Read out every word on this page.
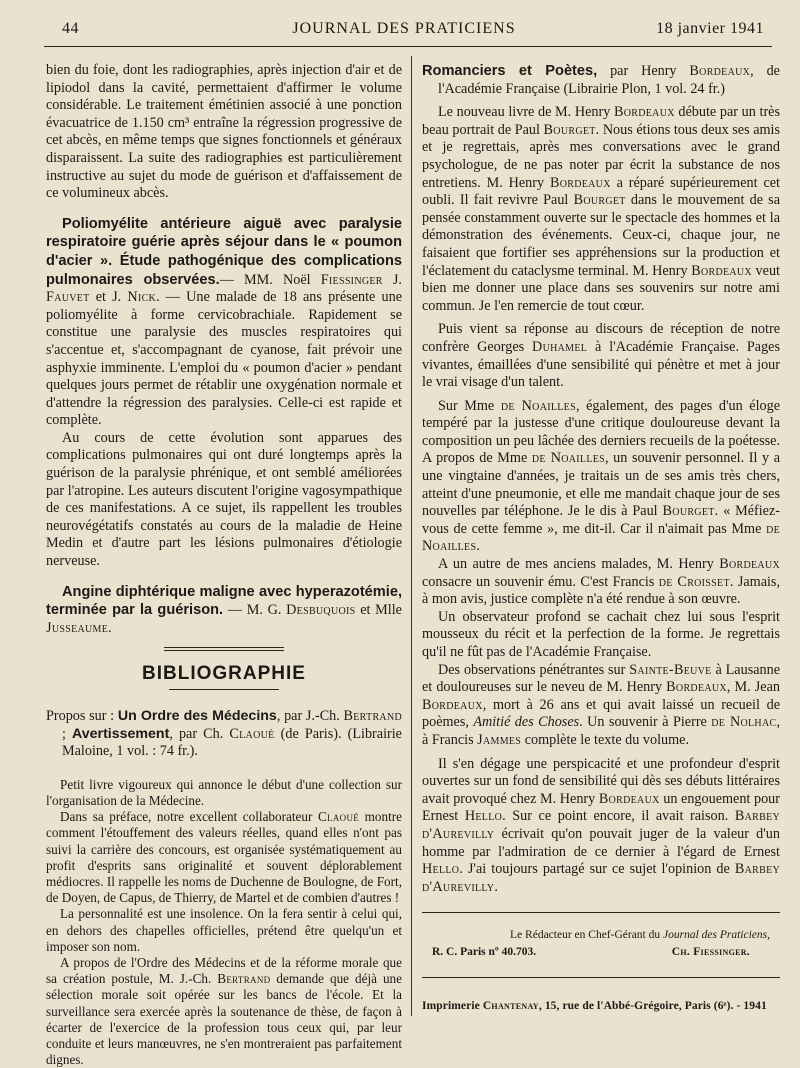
44	JOURNAL DES PRATICIENS	18 janvier 1941

bien du foie, dont les radiographies, après injection d'air et de lipiodol dans la cavité, permettaient d'affirmer le volume considérable. Le traitement émétinien associé à une ponction évacuatrice de 1.150 cm³ entraîne la régression progressive de cet abcès, en même temps que signes fonctionnels et généraux disparaissent. La suite des radiographies est particulièrement instructive au sujet du mode de guérison et d'affaissement de ce volumineux abcès.

Poliomyélite antérieure aiguë avec paralysie respiratoire guérie après séjour dans le « poumon d'acier ». Étude pathogénique des complications pulmonaires observées.— MM. Noël Fiessinger J. Fauvet et J. Nick. — Une malade de 18 ans présente une poliomyélite à forme cervicobrachiale. Rapidement se constitue une paralysie des muscles respiratoires qui s'accentue et, s'accompagnant de cyanose, fait prévoir une asphyxie imminente. L'emploi du « poumon d'acier » pendant quelques jours permet de rétablir une oxygénation normale et d'attendre la régression des paralysies. Celle-ci est rapide et complète.

Au cours de cette évolution sont apparues des complications pulmonaires qui ont duré longtemps après la guérison de la paralysie phrénique, et ont semblé améliorées par l'atropine. Les auteurs discutent l'origine vagosympathique de ces manifestations. A ce sujet, ils rappellent les troubles neurovégétatifs constatés au cours de la maladie de Heine Medin et d'autre part les lésions pulmonaires d'étiologie nerveuse.

Angine diphtérique maligne avec hyperazotémie, terminée par la guérison. — M. G. Desbuquois et Mlle Jusseaume.

BIBLIOGRAPHIE

Propos sur : Un Ordre des Médecins, par J.-Ch. Bertrand ; Avertissement, par Ch. Claoué (de Paris). (Librairie Maloine, 1 vol. : 74 fr.).

Petit livre vigoureux qui annonce le début d'une collection sur l'organisation de la Médecine.

Dans sa préface, notre excellent collaborateur Claoué montre comment l'étouffement des valeurs réelles, quand elles n'ont pas suivi la carrière des concours, est organisée systématiquement au profit d'esprits sans originalité et souvent déplorablement médiocres. Il rappelle les noms de Duchenne de Boulogne, de Fort, de Doyen, de Capus, de Thierry, de Martel et de combien d'autres !

La personnalité est une insolence. On la fera sentir à celui qui, en dehors des chapelles officielles, prétend être quelqu'un et imposer son nom.

A propos de l'Ordre des Médecins et de la réforme morale que sa création postule, M. J.-Ch. Bertrand demande que déjà une sélection morale soit opérée sur les bancs de l'école. Et la surveillance sera exercée après la soutenance de thèse, de façon à écarter de l'exercice de la profession tous ceux qui, par leur conduite et leurs manœuvres, ne s'en montreraient pas parfaitement dignes.

Romanciers et Poètes, par Henry Bordeaux, de l'Académie Française (Librairie Plon, 1 vol. 24 fr.)

Le nouveau livre de M. Henry Bordeaux débute par un très beau portrait de Paul Bourget. Nous étions tous deux ses amis et je regrettais, après mes conversations avec le grand psychologue, de ne pas noter par écrit la substance de nos entretiens. M. Henry Bordeaux a réparé supérieurement cet oubli. Il fait revivre Paul Bourget dans le mouvement de sa pensée constamment ouverte sur le spectacle des hommes et la démonstration des événements. Ceux-ci, chaque jour, ne faisaient que fortifier ses appréhensions sur la production et l'éclatement du cataclysme terminal. M. Henry Bordeaux veut bien me donner une place dans ses souvenirs sur notre ami commun. Je l'en remercie de tout cœur.

Puis vient sa réponse au discours de réception de notre confrère Georges Duhamel à l'Académie Française. Pages vivantes, émaillées d'une sensibilité qui pénètre et met à jour le vrai visage d'un talent.

Sur Mme de Noailles, également, des pages d'un éloge tempéré par la justesse d'une critique douloureuse devant la composition un peu lâchée des derniers recueils de la poétesse. A propos de Mme de Noailles, un souvenir personnel. Il y a une vingtaine d'années, je traitais un de ses amis très chers, atteint d'une pneumonie, et elle me mandait chaque jour de ses nouvelles par téléphone. Je le dis à Paul Bourget. « Méfiez-vous de cette femme », me dit-il. Car il n'aimait pas Mme de Noailles.

A un autre de mes anciens malades, M. Henry Bordeaux consacre un souvenir ému. C'est Francis de Croisset. Jamais, à mon avis, justice complète n'a été rendue à son œuvre.

Un observateur profond se cachait chez lui sous l'esprit mousseux du récit et la perfection de la forme. Je regrettais qu'il ne fût pas de l'Académie Française.

Des observations pénétrantes sur Sainte-Beuve à Lausanne et douloureuses sur le neveu de M. Henry Bordeaux, M. Jean Bordeaux, mort à 26 ans et qui avait laissé un recueil de poèmes, Amitié des Choses. Un souvenir à Pierre de Nolhac, à Francis Jammes complète le texte du volume.

Il s'en dégage une perspicacité et une profondeur d'esprit ouvertes sur un fond de sensibilité qui dès ses débuts littéraires avait provoqué chez M. Henry Bordeaux un engouement pour Ernest Hello. Sur ce point encore, il avait raison. Barbey d'Aurevilly écrivait qu'on pouvait juger de la valeur d'un homme par l'admiration de ce dernier à l'égard de Ernest Hello. J'ai toujours partagé sur ce sujet l'opinion de Barbey d'Aurevilly.

Le Rédacteur en Chef-Gérant du Journal des Praticiens,
R. C. Paris nº 40.703.	Ch. Fiessinger.
Imprimerie Chantenay, 15, rue de l'Abbé-Grégoire, Paris (6ᵉ). - 1941
